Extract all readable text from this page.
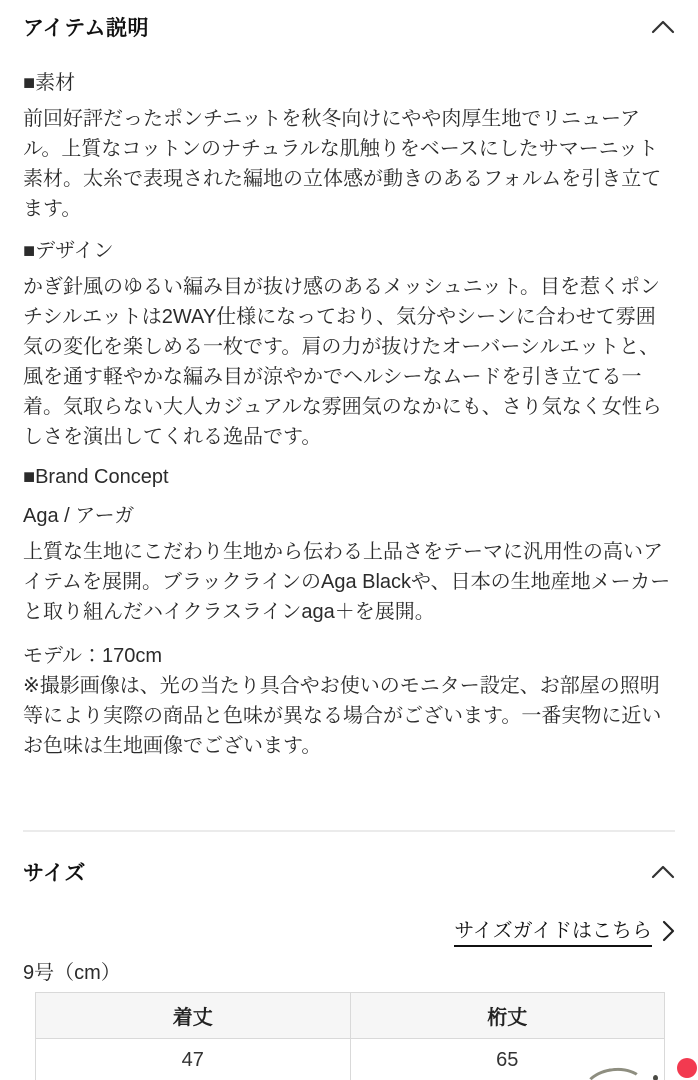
アイテム説明

■素材

前回好評だったポンチニットを秋冬向けにやや肉厚生地でリニューアル。上質なコットンのナチュラルな肌触りをベースにしたサマーニット素材。太糸で表現された編地の立体感が動きのあるフォルムを引き立てます。

■デザイン

かぎ針風のゆるい編み目が抜け感のあるメッシュニット。目を惹くポンチシルエットは2WAY仕様になっており、気分やシーンに合わせて雰囲気の変化を楽しめる一枚です。肩の力が抜けたオーバーシルエットと、風を通す軽やかな編み目が涼やかでヘルシーなムードを引き立てる一着。気取らない大人カジュアルな雰囲気のなかにも、さり気なく女性らしさを演出してくれる逸品です。

■Brand Concept

Aga / アーガ

上質な生地にこだわり生地から伝わる上品さをテーマに汎用性の高いアイテムを展開。ブラックラインのAga Blackや、日本の生地産地メーカーと取り組んだハイクラスラインaga＋を展開。

モデル：170cm

※撮影画像は、光の当たり具合やお使いのモニター設定、お部屋の照明等により実際の商品と色味が異なる場合がございます。一番実物に近いお色味は生地画像でございます。

サイズ
サイズガイドはこちら

9号（cm）

着丈	桁丈
47	65
